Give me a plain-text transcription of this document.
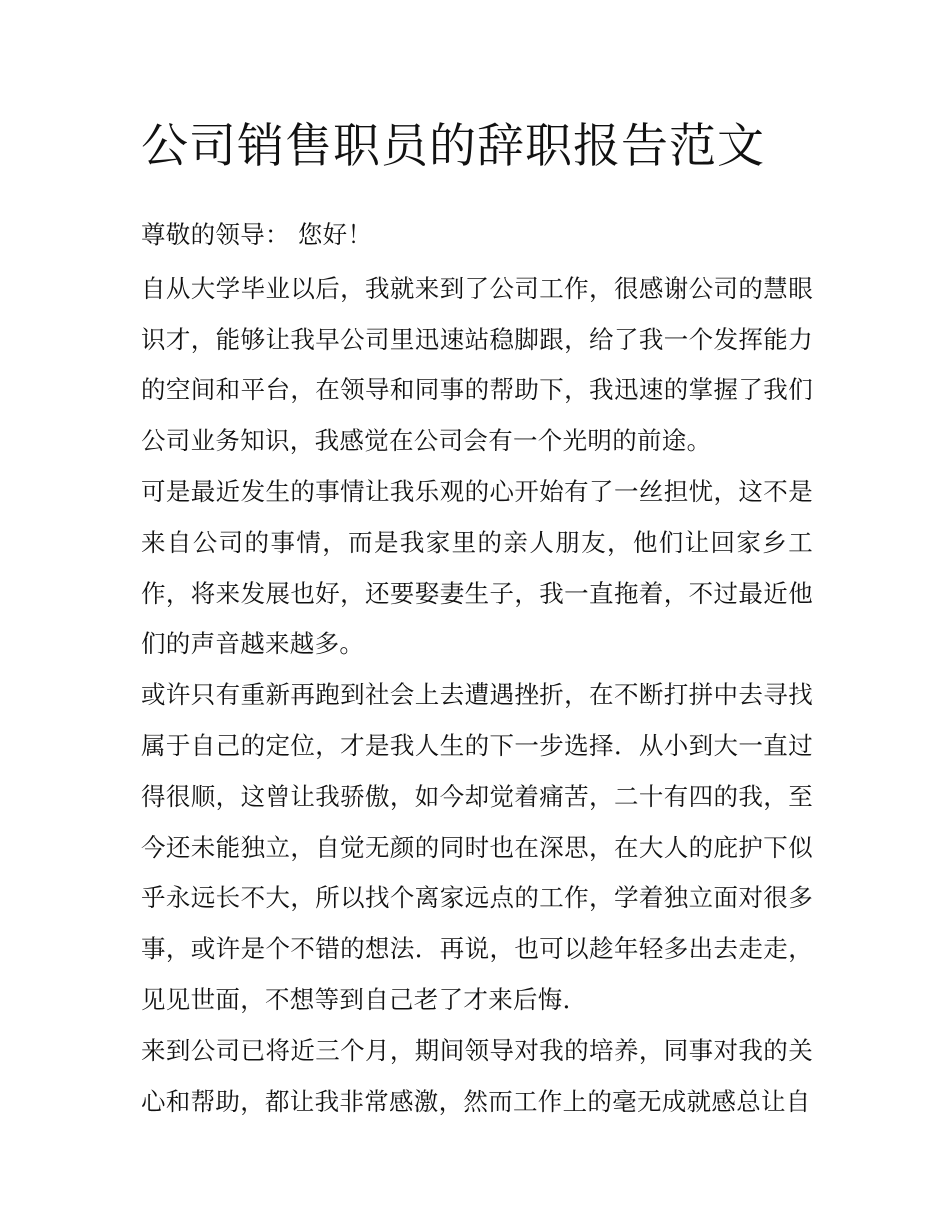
公司销售职员的辞职报告范文

尊敬的领导： 您好！

自从大学毕业以后，我就来到了公司工作，很感谢公司的慧眼识才，能够让我早公司里迅速站稳脚跟，给了我一个发挥能力的空间和平台，在领导和同事的帮助下，我迅速的掌握了我们公司业务知识，我感觉在公司会有一个光明的前途。

可是最近发生的事情让我乐观的心开始有了一丝担忧，这不是来自公司的事情，而是我家里的亲人朋友，他们让回家乡工作，将来发展也好，还要娶妻生子，我一直拖着，不过最近他们的声音越来越多。

或许只有重新再跑到社会上去遭遇挫折，在不断打拼中去寻找属于自己的定位，才是我人生的下一步选择．从小到大一直过得很顺，这曾让我骄傲，如今却觉着痛苦，二十有四的我，至今还未能独立，自觉无颜的同时也在深思，在大人的庇护下似乎永远长不大，所以找个离家远点的工作，学着独立面对很多事，或许是个不错的想法．再说，也可以趁年轻多出去走走，见见世面，不想等到自己老了才来后悔．

来到公司已将近三个月，期间领导对我的培养，同事对我的关心和帮助，都让我非常感激，然而工作上的毫无成就感总让自
